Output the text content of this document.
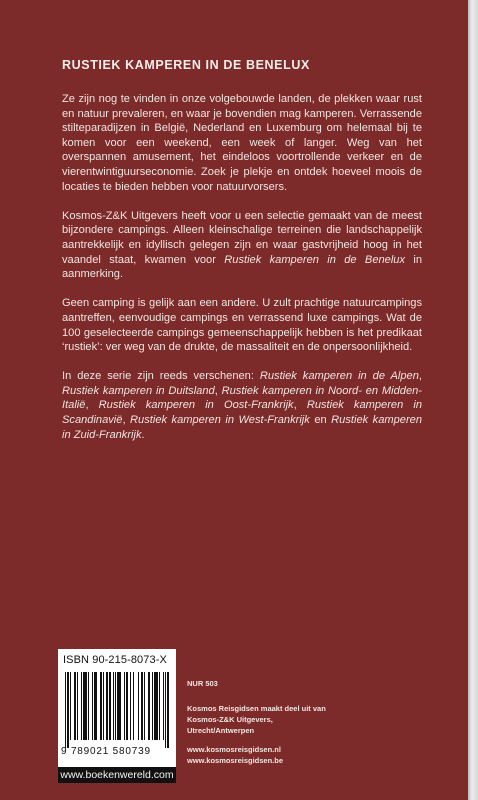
RUSTIEK KAMPEREN IN DE BENELUX

Ze zijn nog te vinden in onze volgebouwde landen, de plekken waar rust en natuur prevaleren, en waar je bovendien mag kamperen. Verrassende stilteparadijzen in België, Nederland en Luxemburg om helemaal bij te komen voor een weekend, een week of langer. Weg van het overspannen amusement, het eindeloos voortrollende verkeer en de vierentwintiguurseconomie. Zoek je plekje en ontdek hoeveel moois de locaties te bieden hebben voor natuurvorsers.

Kosmos-Z&K Uitgevers heeft voor u een selectie gemaakt van de meest bijzondere campings. Alleen kleinschalige terreinen die landschappelijk aantrekkelijk en idyllisch gelegen zijn en waar gastvrijheid hoog in het vaandel staat, kwamen voor Rustiek kamperen in de Benelux in aanmerking.

Geen camping is gelijk aan een andere. U zult prachtige natuurcampings aantreffen, eenvoudige campings en verrassend luxe campings. Wat de 100 geselecteerde campings gemeenschappelijk hebben is het predikaat ‘rustiek’: ver weg van de drukte, de massaliteit en de onpersoonlijkheid.

In deze serie zijn reeds verschenen: Rustiek kamperen in de Alpen, Rustiek kamperen in Duitsland, Rustiek kamperen in Noord- en Midden-Italië, Rustiek kamperen in Oost-Frankrijk, Rustiek kamperen in Scandinavië, Rustiek kamperen in West-Frankrijk en Rustiek kamperen in Zuid-Frankrijk.

ISBN 90-215-8073-X
9 789021 580739
www.boekenwereld.com
NUR 503
Kosmos Reisgidsen maakt deel uit van Kosmos-Z&K Uitgevers, Utrecht/Antwerpen
www.kosmosreisgidsen.nl
www.kosmosreisgidsen.be
